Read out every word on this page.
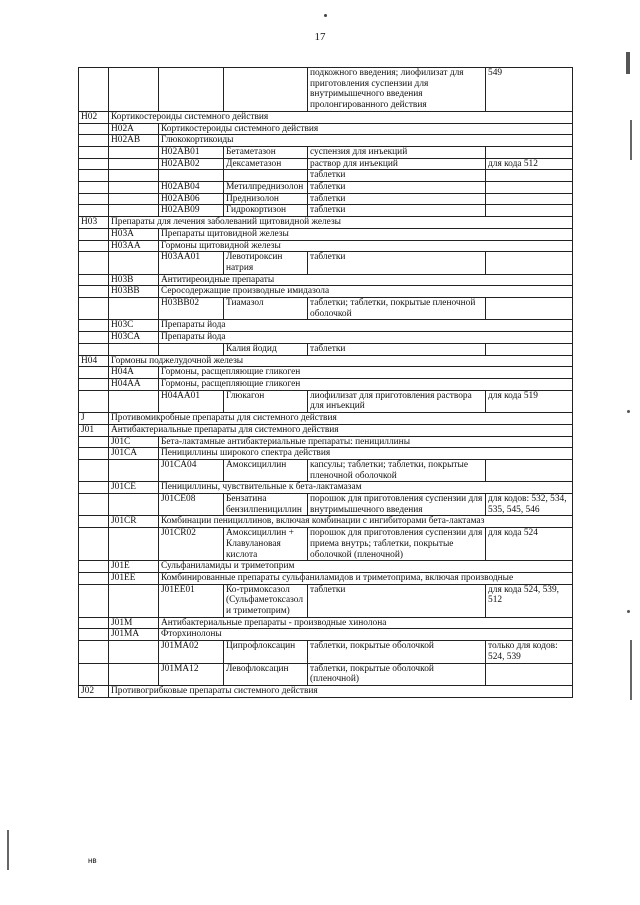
17
				подкожного введения; лиофилизат для приготовления суспензии для внутримышечного введения пролонгированного действия	549
H02	Кортикостероиды системного действия				
	H02A	Кортикостероиды системного действия			
	H02AB	Глюкокортикоиды			
		H02AB01	Бетаметазон	суспензия для инъекций	
		H02AB02	Дексаметазон	раствор для инъекций	для кода 512
				таблетки	
		H02AB04	Метилпреднизолон	таблетки	
		H02AB06	Преднизолон	таблетки	
		H02AB09	Гидрокортизон	таблетки	
H03	Препараты для лечения заболеваний щитовидной железы				
	H03A	Препараты щитовидной железы			
	H03AA	Гормоны щитовидной железы			
		H03AA01	Левотироксин натрия	таблетки	
	H03B	Антитиреоидные препараты			
	H03BB	Серосодержащие производные имидазола			
		H03BB02	Тиамазол	таблетки; таблетки, покрытые пленочной оболочкой	
	H03C	Препараты йода			
	H03CA	Препараты йода			
			Калия йодид	таблетки	
H04	Гормоны поджелудочной железы				
	H04A	Гормоны, расщепляющие гликоген			
	H04AA	Гормоны, расщепляющие гликоген			
		H04AA01	Глюкагон	лиофилизат для приготовления раствора для инъекций	для кода 519
J	Противомикробные препараты для системного действия				
J01	Антибактериальные препараты для системного действия				
	J01C	Бета-лактамные антибактериальные препараты: пенициллины			
	J01CA	Пенициллины широкого спектра действия			
		J01CA04	Амоксициллин	капсулы; таблетки; таблетки, покрытые пленочной оболочкой	
	J01CE	Пенициллины, чувствительные к бета-лактамазам			
		J01CE08	Бензатина бензилпенициллин	порошок для приготовления суспензии для внутримышечного введения	для кодов: 532, 534, 535, 545, 546
	J01CR	Комбинации пенициллинов, включая комбинации с ингибиторами бета-лактамаз			
		J01CR02	Амоксициллин + Клавулановая кислота	порошок для приготовления суспензии для приема внутрь; таблетки, покрытые оболочкой (пленочной)	для кода 524
	J01E	Сульфаниламиды и триметоприм			
	J01EE	Комбинированные препараты сульфаниламидов и триметоприма, включая производные			
		J01EE01	Ко-тримоксазол (Сульфаметоксазол и триметоприм)	таблетки	для кода 524, 539, 512
	J01M	Антибактериальные препараты - производные хинолона			
	J01MA	Фторхинолоны			
		J01MA02	Ципрофлоксацин	таблетки, покрытые оболочкой	только для кодов: 524, 539
		J01MA12	Левофлоксацин	таблетки, покрытые оболочкой (пленочной)	
J02	Противогрибковые препараты системного действия				
нв
